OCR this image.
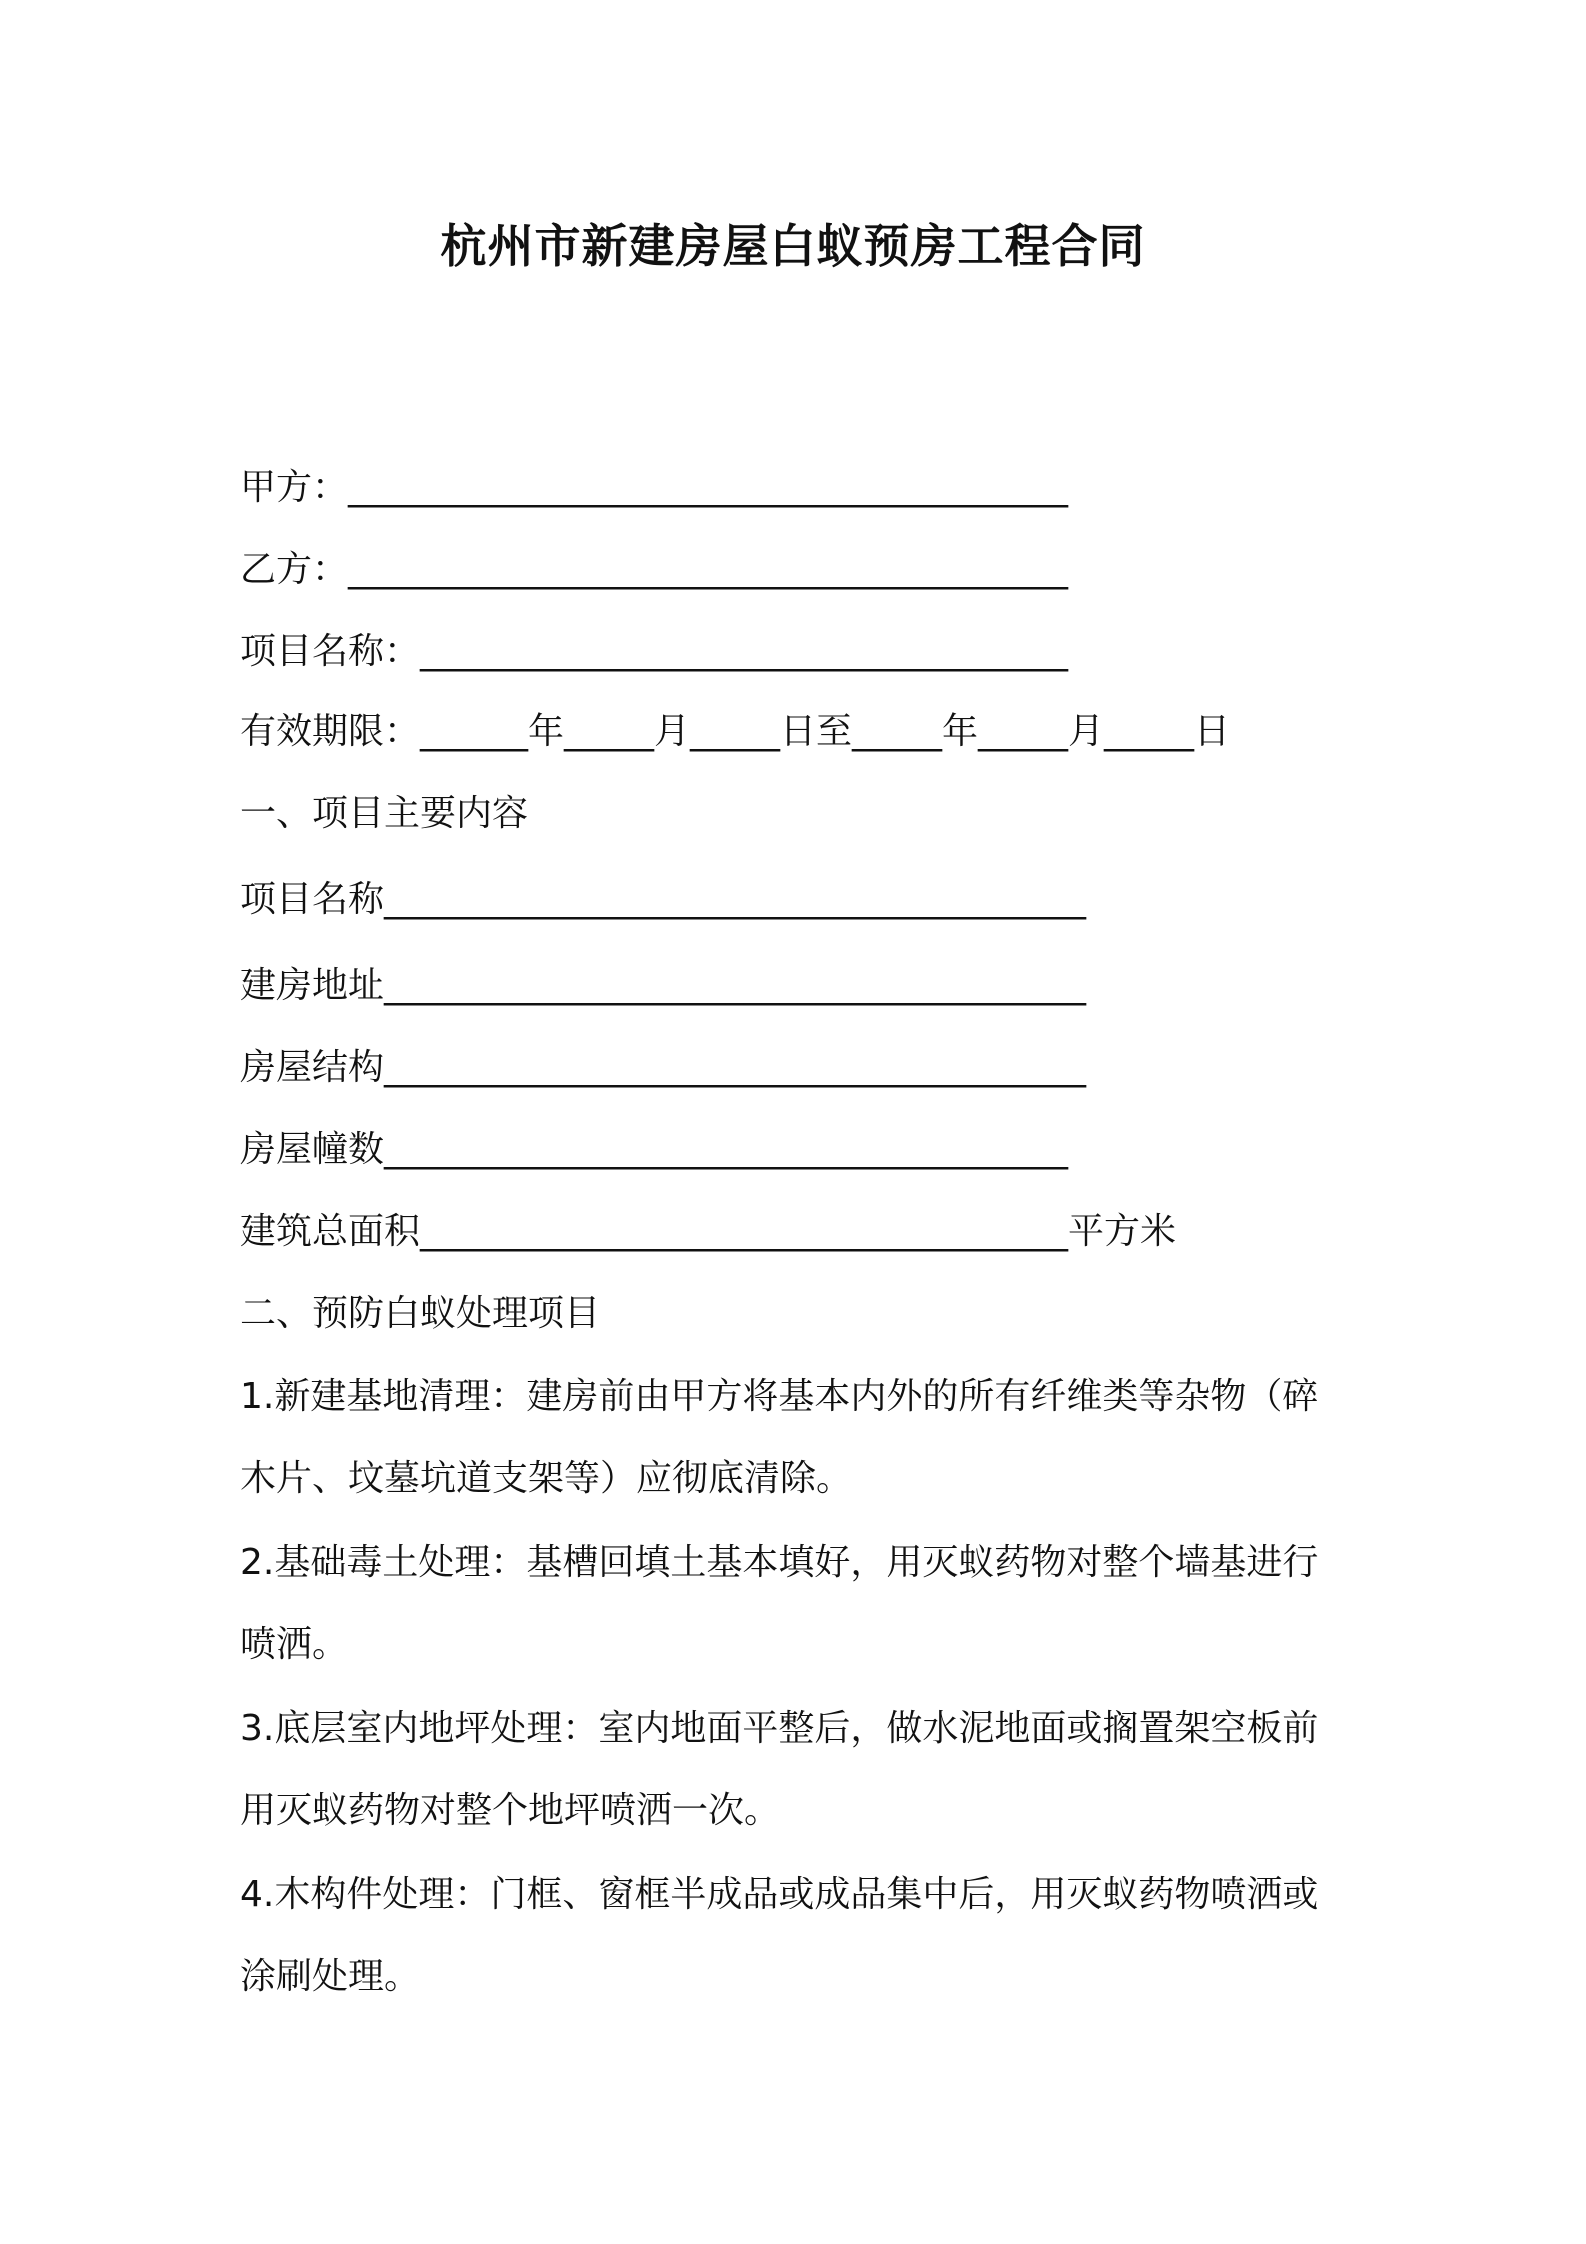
杭州市新建房屋白蚁预房工程合同
甲方：________________________________________
乙方：________________________________________
项目名称：____________________________________
有效期限：______年_____月_____日至_____年_____月_____日
一、项目主要内容
项目名称_______________________________________
建房地址_______________________________________
房屋结构_______________________________________
房屋幢数______________________________________
建筑总面积____________________________________平方米
二、预防白蚁处理项目
1.新建基地清理：建房前由甲方将基本内外的所有纤维类等杂物（碎
木片、坟墓坑道支架等）应彻底清除。
2.基础毒土处理：基槽回填土基本填好，用灭蚁药物对整个墙基进行
喷洒。
3.底层室内地坪处理：室内地面平整后，做水泥地面或搁置架空板前
用灭蚁药物对整个地坪喷洒一次。
4.木构件处理：门框、窗框半成品或成品集中后，用灭蚁药物喷洒或
涂刷处理。
